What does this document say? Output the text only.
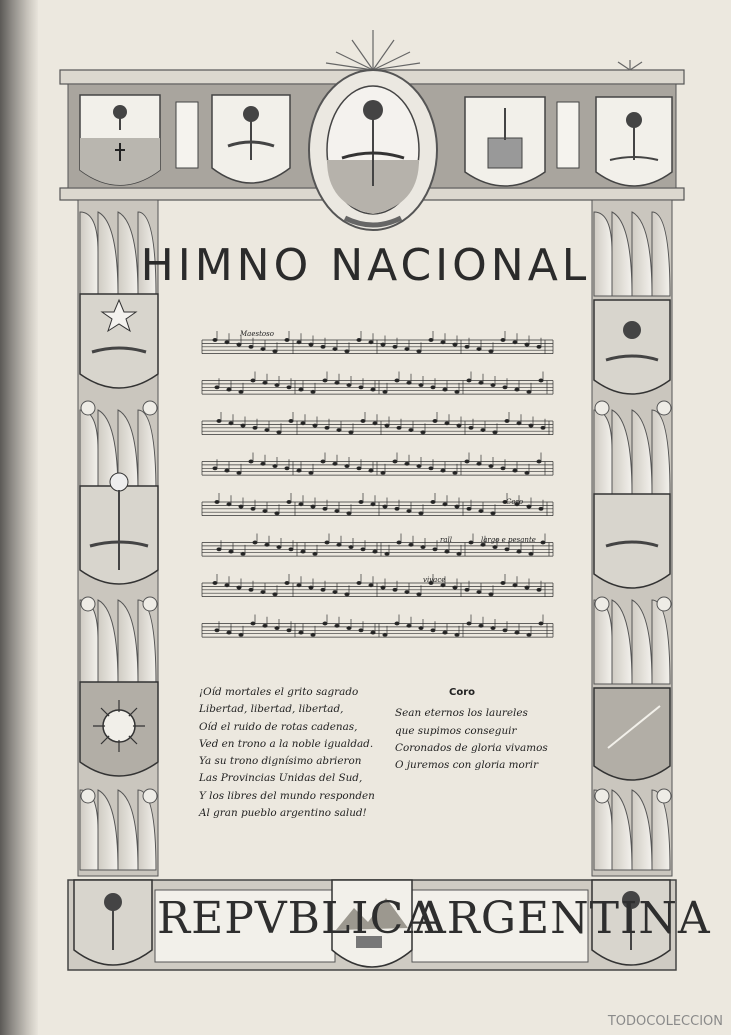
HIMNO NACIONAL
Maestoso
Coro
rall	largo e pesante
vivace
¡Oíd mortales el grito sagrado
Libertad, libertad, libertad,
Oíd el ruido de rotas cadenas,
Ved en trono a la noble igualdad.
Ya su trono dignísimo abrieron
Las Provincias Unidas del Sud,
Y los libres del mundo responden
Al gran pueblo argentino salud!
Coro
Sean eternos los laureles
que supimos conseguir
Coronados de gloria vivamos
O juremos con gloria morir
REPVBLICA
ARGENTINA
TODOCOLECCION
